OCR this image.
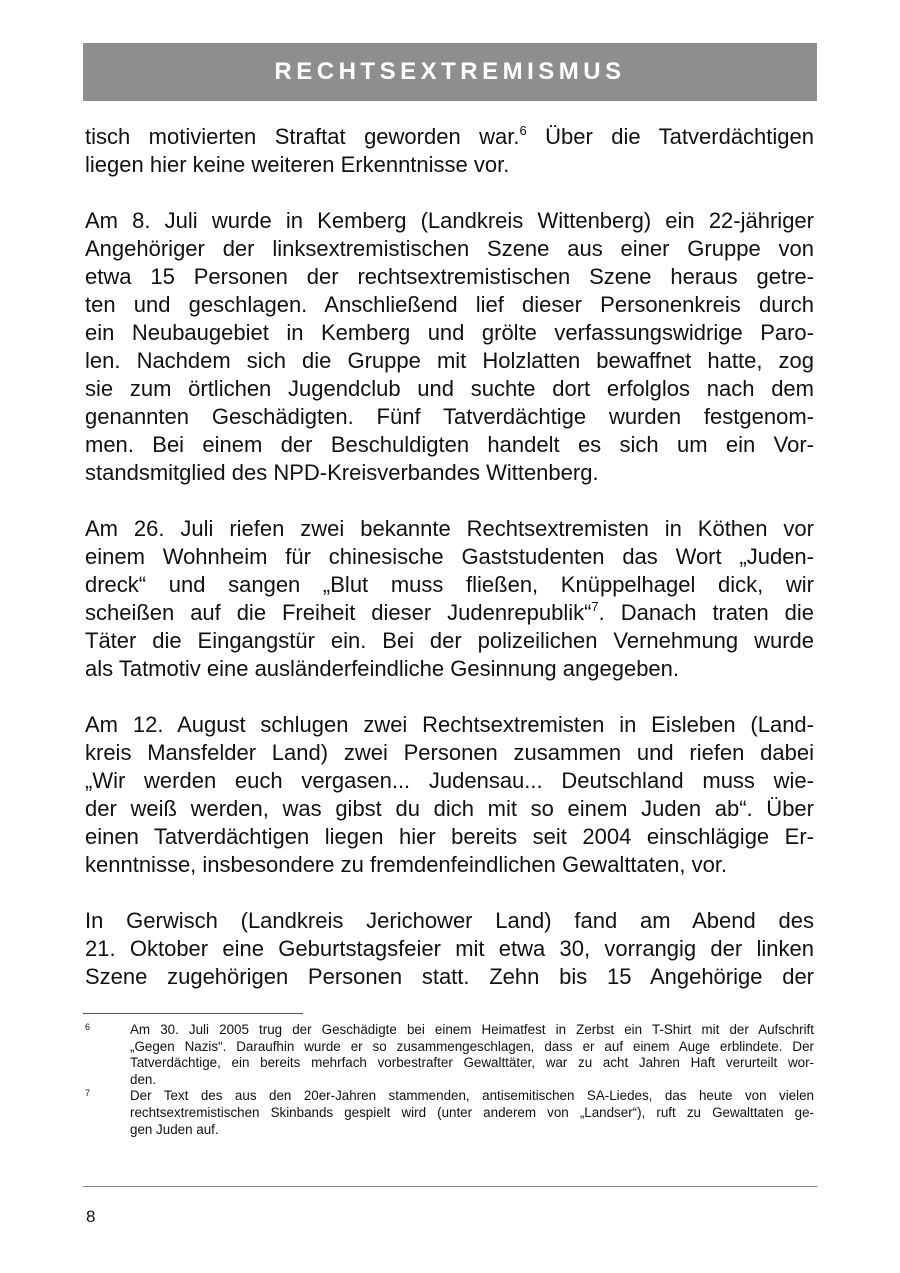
RECHTSEXTREMISMUS
tisch motivierten Straftat geworden war.$^6$ Über die Tatverdächtigen
liegen hier keine weiteren Erkenntnisse vor.
Am 8. Juli wurde in Kemberg (Landkreis Wittenberg) ein 22-jähriger
Angehöriger der linksextremistischen Szene aus einer Gruppe von
etwa 15 Personen der rechtsextremistischen Szene heraus getre-
ten und geschlagen. Anschließend lief dieser Personenkreis durch
ein Neubaugebiet in Kemberg und grölte verfassungswidrige Paro-
len. Nachdem sich die Gruppe mit Holzlatten bewaffnet hatte, zog
sie zum örtlichen Jugendclub und suchte dort erfolglos nach dem
genannten Geschädigten. Fünf Tatverdächtige wurden festgenom-
men. Bei einem der Beschuldigten handelt es sich um ein Vor-
standsmitglied des NPD-Kreisverbandes Wittenberg.
Am 26. Juli riefen zwei bekannte Rechtsextremisten in Köthen vor
einem Wohnheim für chinesische Gaststudenten das Wort „Juden-
dreck“ und sangen „Blut muss fließen, Knüppelhagel dick, wir
scheißen auf die Freiheit dieser Judenrepublik“$^7$. Danach traten die
Täter die Eingangstür ein. Bei der polizeilichen Vernehmung wurde
als Tatmotiv eine ausländerfeindliche Gesinnung angegeben.
Am 12. August schlugen zwei Rechtsextremisten in Eisleben (Land-
kreis Mansfelder Land) zwei Personen zusammen und riefen dabei
„Wir werden euch vergasen... Judensau... Deutschland muss wie-
der weiß werden, was gibst du dich mit so einem Juden ab“. Über
einen Tatverdächtigen liegen hier bereits seit 2004 einschlägige Er-
kenntnisse, insbesondere zu fremdenfeindlichen Gewalttaten, vor.
In Gerwisch (Landkreis Jerichower Land) fand am Abend des
21. Oktober eine Geburtstagsfeier mit etwa 30, vorrangig der linken
Szene zugehörigen Personen statt. Zehn bis 15 Angehörige der
6	Am 30. Juli 2005 trug der Geschädigte bei einem Heimatfest in Zerbst ein T-Shirt mit der Aufschrift
„Gegen Nazis“. Daraufhin wurde er so zusammengeschlagen, dass er auf einem Auge erblindete. Der
Tatverdächtige, ein bereits mehrfach vorbestrafter Gewalttäter, war zu acht Jahren Haft verurteilt wor-
den.
7	Der Text des aus den 20er-Jahren stammenden, antisemitischen SA-Liedes, das heute von vielen
rechtsextremistischen Skinbands gespielt wird (unter anderem von „Landser“), ruft zu Gewalttaten ge-
gen Juden auf.
8
